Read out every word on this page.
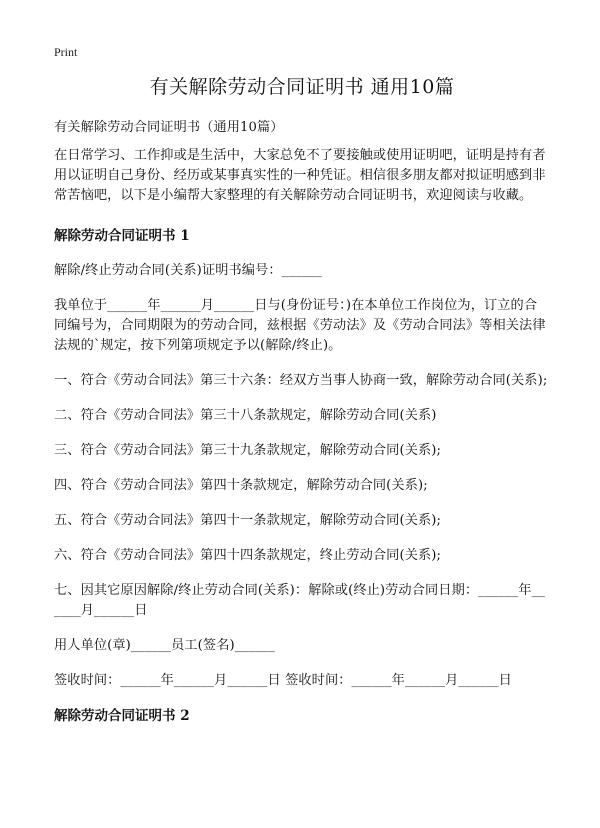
Print
有关解除劳动合同证明书 通用10篇

有关解除劳动合同证明书（通用10篇）

在日常学习、工作抑或是生活中，大家总免不了要接触或使用证明吧，证明是持有者用以证明自己身份、经历或某事真实性的一种凭证。相信很多朋友都对拟证明感到非常苦恼吧，以下是小编帮大家整理的有关解除劳动合同证明书，欢迎阅读与收藏。

解除劳动合同证明书 1

解除/终止劳动合同(关系)证明书编号：______

我单位于______年______月______日与(身份证号：)在本单位工作岗位为，订立的合同编号为，合同期限为的劳动合同，兹根据《劳动法》及《劳动合同法》等相关法律法规的`规定，按下列第项规定予以(解除/终止)。

一、符合《劳动合同法》第三十六条：经双方当事人协商一致，解除劳动合同(关系);

二、符合《劳动合同法》第三十八条款规定，解除劳动合同(关系)

三、符合《劳动合同法》第三十九条款规定，解除劳动合同(关系);

四、符合《劳动合同法》第四十条款规定，解除劳动合同(关系);

五、符合《劳动合同法》第四十一条款规定，解除劳动合同(关系);

六、符合《劳动合同法》第四十四条款规定，终止劳动合同(关系);

七、因其它原因解除/终止劳动合同(关系)：解除或(终止)劳动合同日期：______年______月______日

用人单位(章)______员工(签名)______

签收时间：______年______月______日 签收时间：______年______月______日

解除劳动合同证明书 2
